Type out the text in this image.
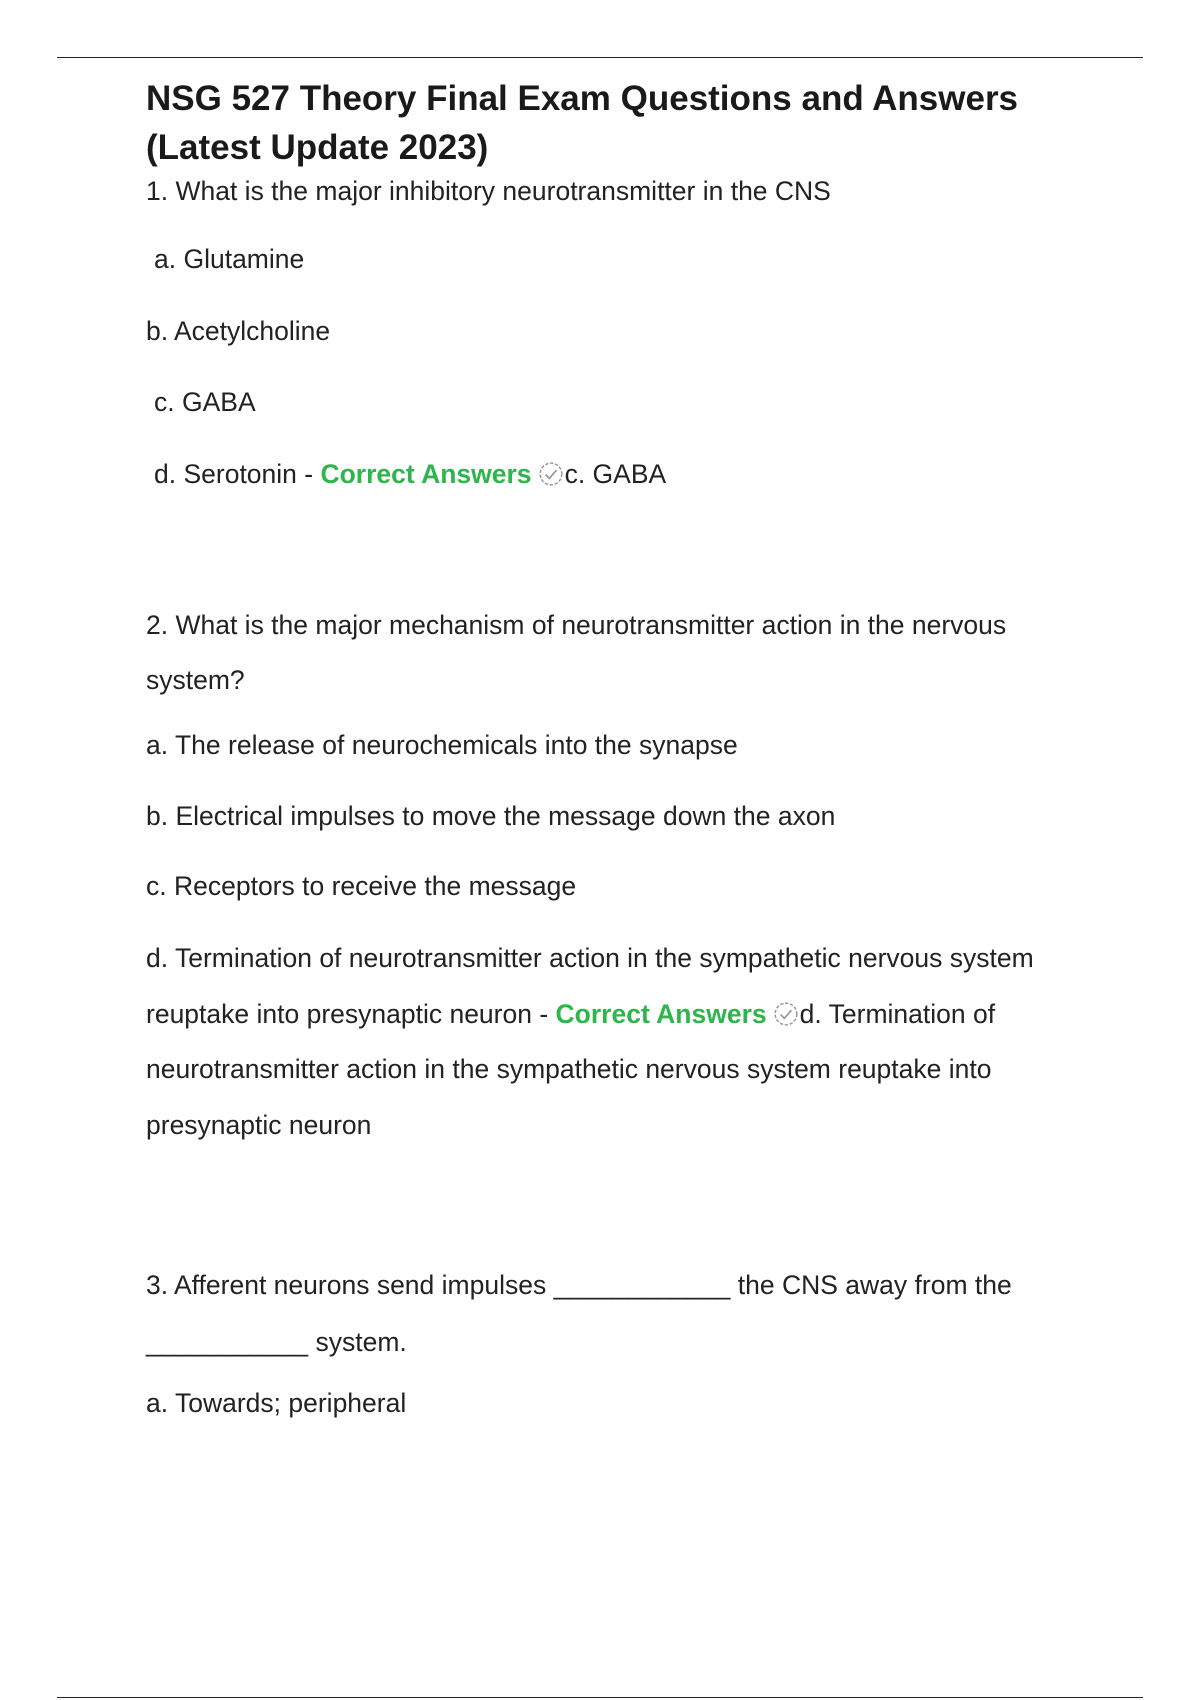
NSG 527 Theory Final Exam Questions and Answers
(Latest Update 2023)

1. What is the major inhibitory neurotransmitter in the CNS

a. Glutamine

b. Acetylcholine

c. GABA

d. Serotonin - Correct Answers c. GABA

2. What is the major mechanism of neurotransmitter action in the nervous
system?

a. The release of neurochemicals into the synapse

b. Electrical impulses to move the message down the axon

c. Receptors to receive the message

d. Termination of neurotransmitter action in the sympathetic nervous system
reuptake into presynaptic neuron - Correct Answers d. Termination of
neurotransmitter action in the sympathetic nervous system reuptake into
presynaptic neuron

3. Afferent neurons send impulses ____________ the CNS away from the
___________ system.

a. Towards; peripheral
